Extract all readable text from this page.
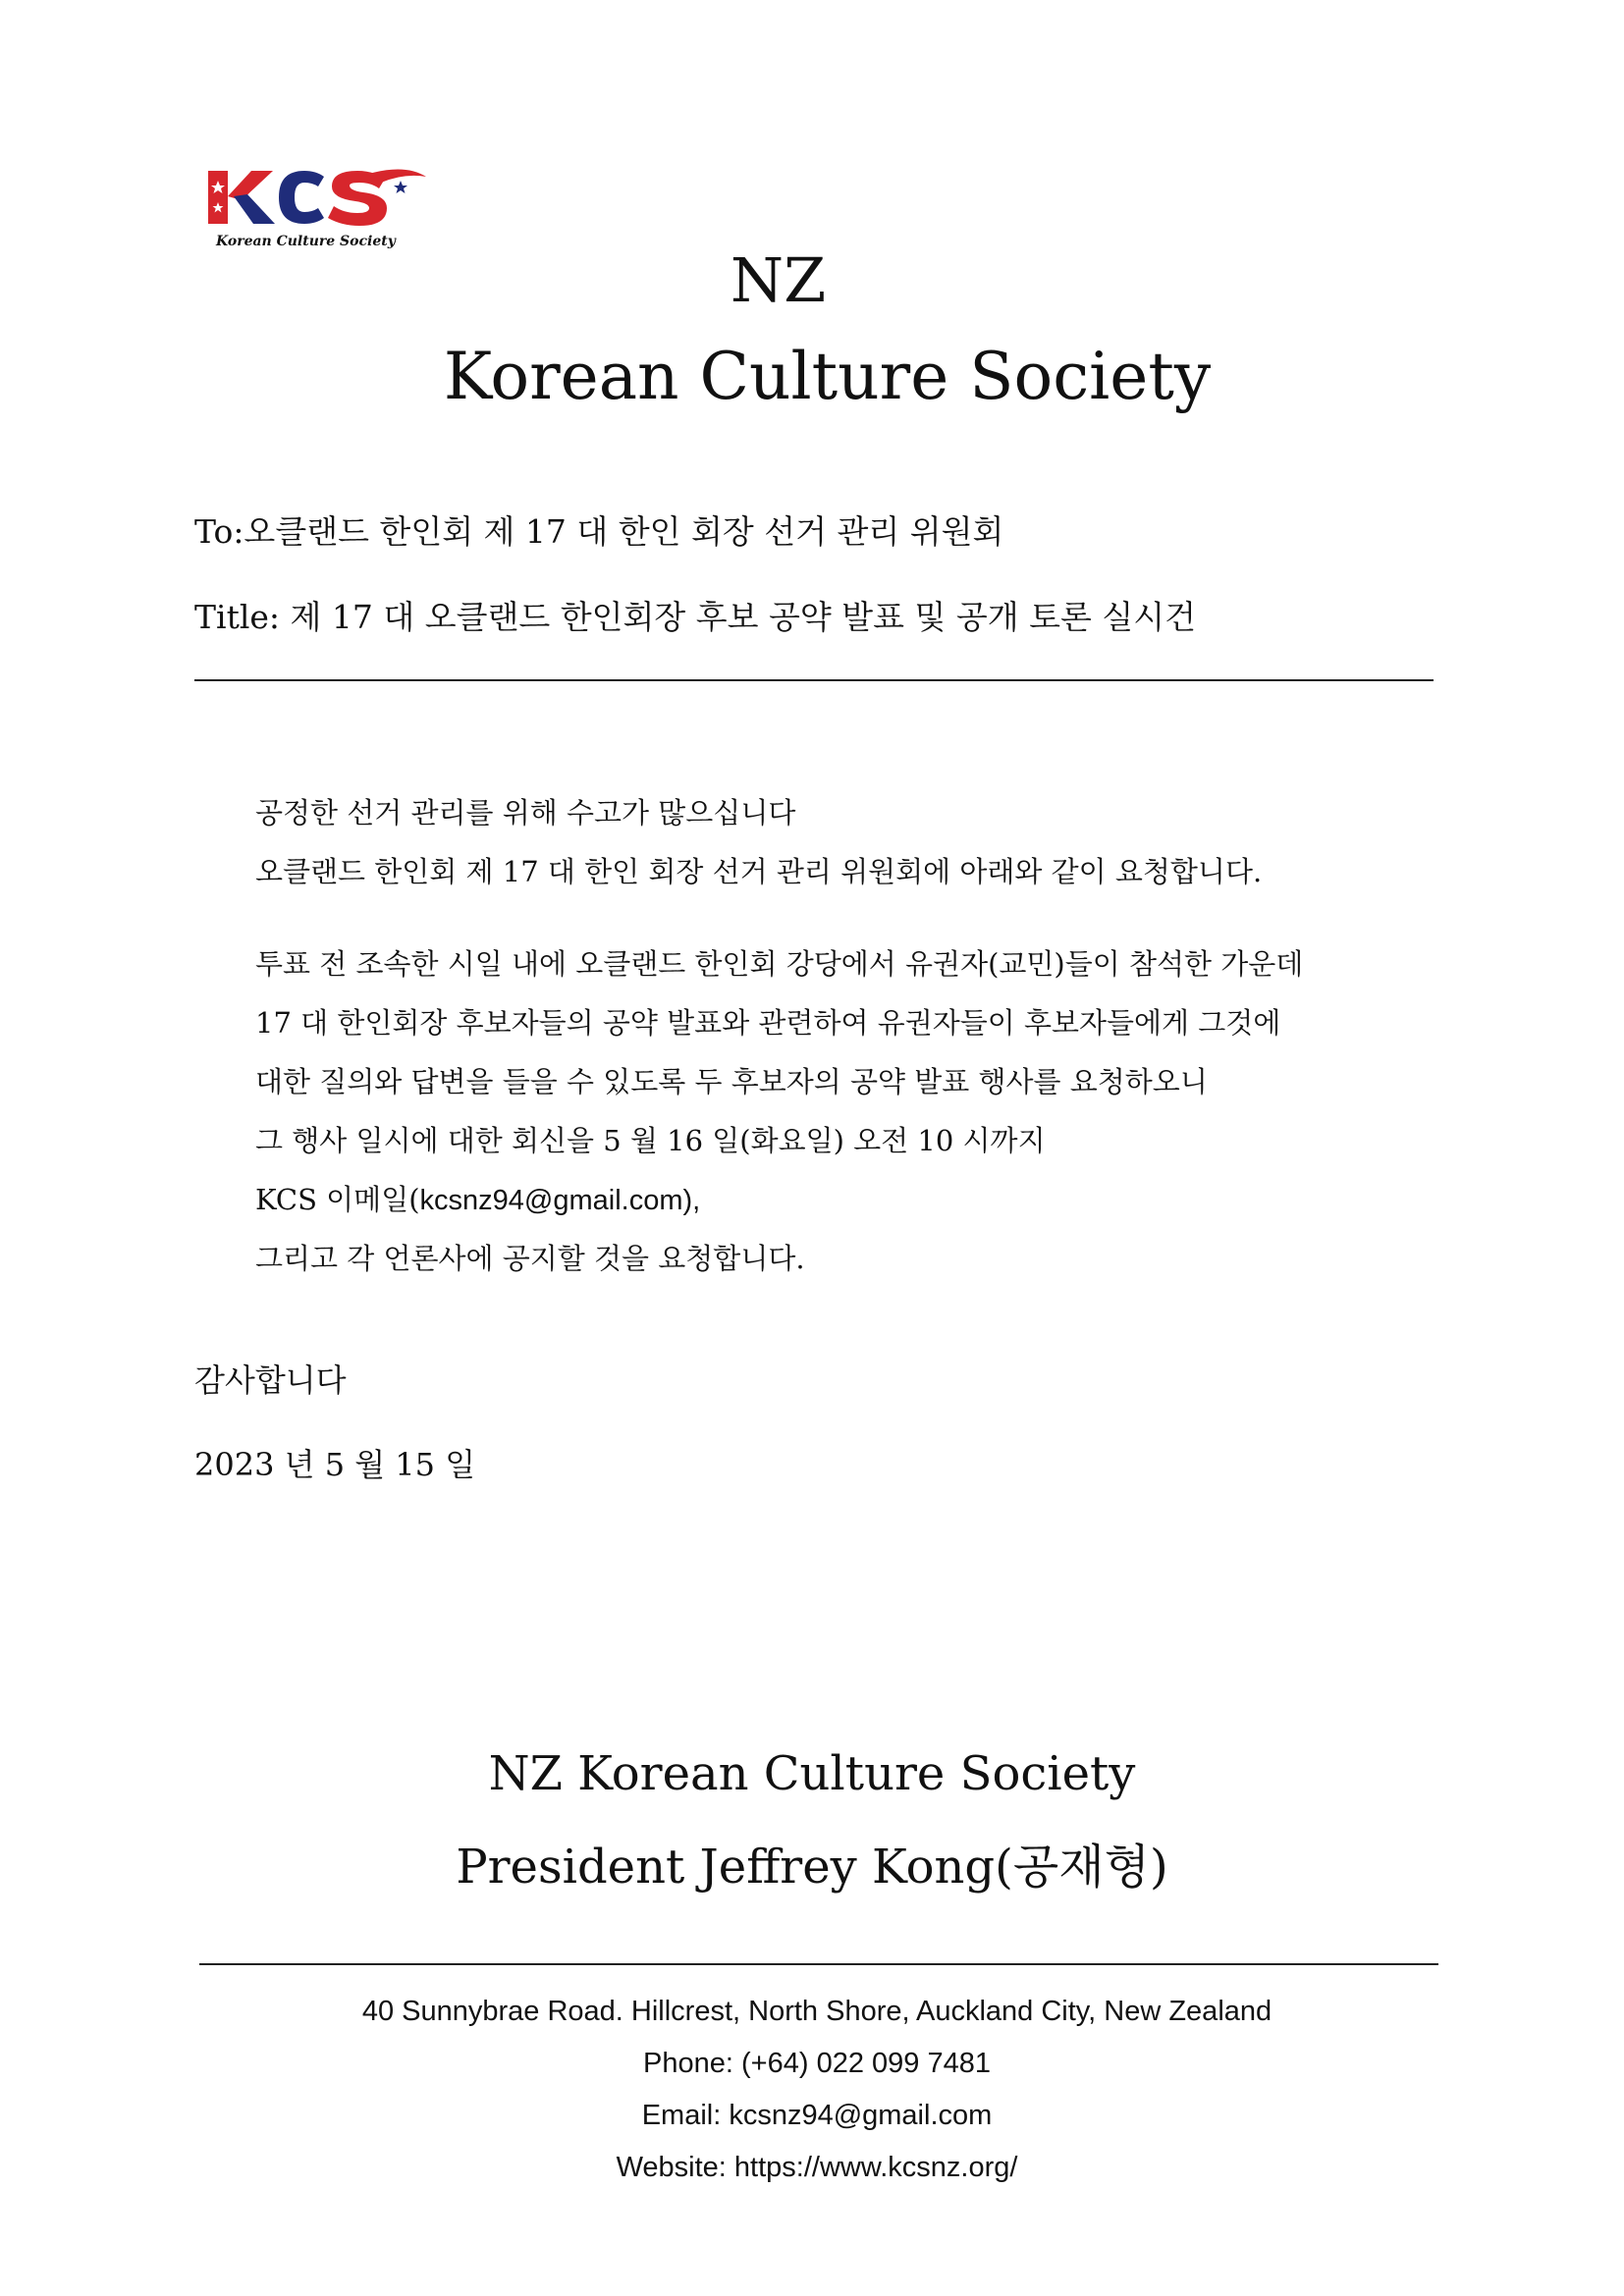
Korean Culture Society
NZ
Korean Culture Society
To:오클랜드 한인회 제 17 대 한인 회장 선거 관리 위원회
Title: 제 17 대 오클랜드 한인회장 후보 공약 발표 및 공개 토론 실시건
공정한 선거 관리를 위해 수고가 많으십니다
오클랜드 한인회 제 17 대 한인 회장 선거 관리 위원회에 아래와 같이 요청합니다.
투표 전 조속한 시일 내에 오클랜드 한인회 강당에서 유권자(교민)들이 참석한 가운데
17 대 한인회장 후보자들의 공약 발표와 관련하여 유권자들이 후보자들에게 그것에
대한 질의와 답변을 들을 수 있도록 두 후보자의 공약 발표 행사를 요청하오니
그 행사 일시에 대한 회신을 5 월 16 일(화요일) 오전 10 시까지
KCS 이메일(kcsnz94@gmail.com),
그리고 각 언론사에 공지할 것을 요청합니다.
감사합니다
2023 년 5 월 15 일
NZ Korean Culture Society
President Jeffrey Kong(공재형)
40 Sunnybrae Road. Hillcrest, North Shore, Auckland City, New Zealand
Phone: (+64) 022 099 7481
Email: kcsnz94@gmail.com
Website: https://www.kcsnz.org/
